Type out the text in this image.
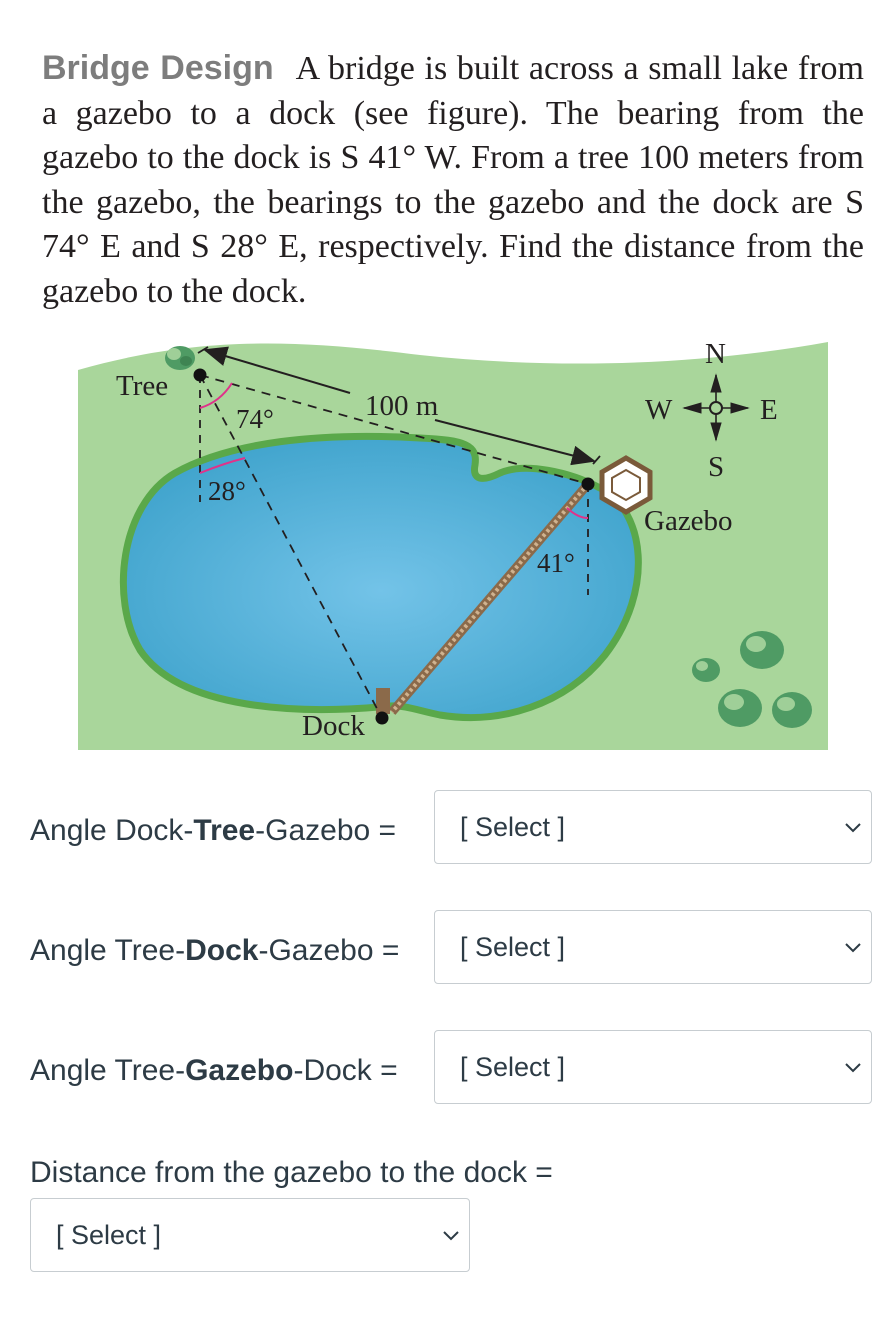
Bridge Design A bridge is built across a small lake from a gazebo to a dock (see figure). The bearing from the gazebo to the dock is S 41° W. From a tree 100 meters from the gazebo, the bearings to the gazebo and the dock are S 74° E and S 28° E, respectively. Find the distance from the gazebo to the dock.
Tree
100 m
74°
28°
41°
Gazebo
Dock
N
S
W	E
Angle Dock-Tree-Gazebo = [ Select ]
Angle Tree-Dock-Gazebo = [ Select ]
Angle Tree-Gazebo-Dock = [ Select ]
Distance from the gazebo to the dock =
[ Select ]
